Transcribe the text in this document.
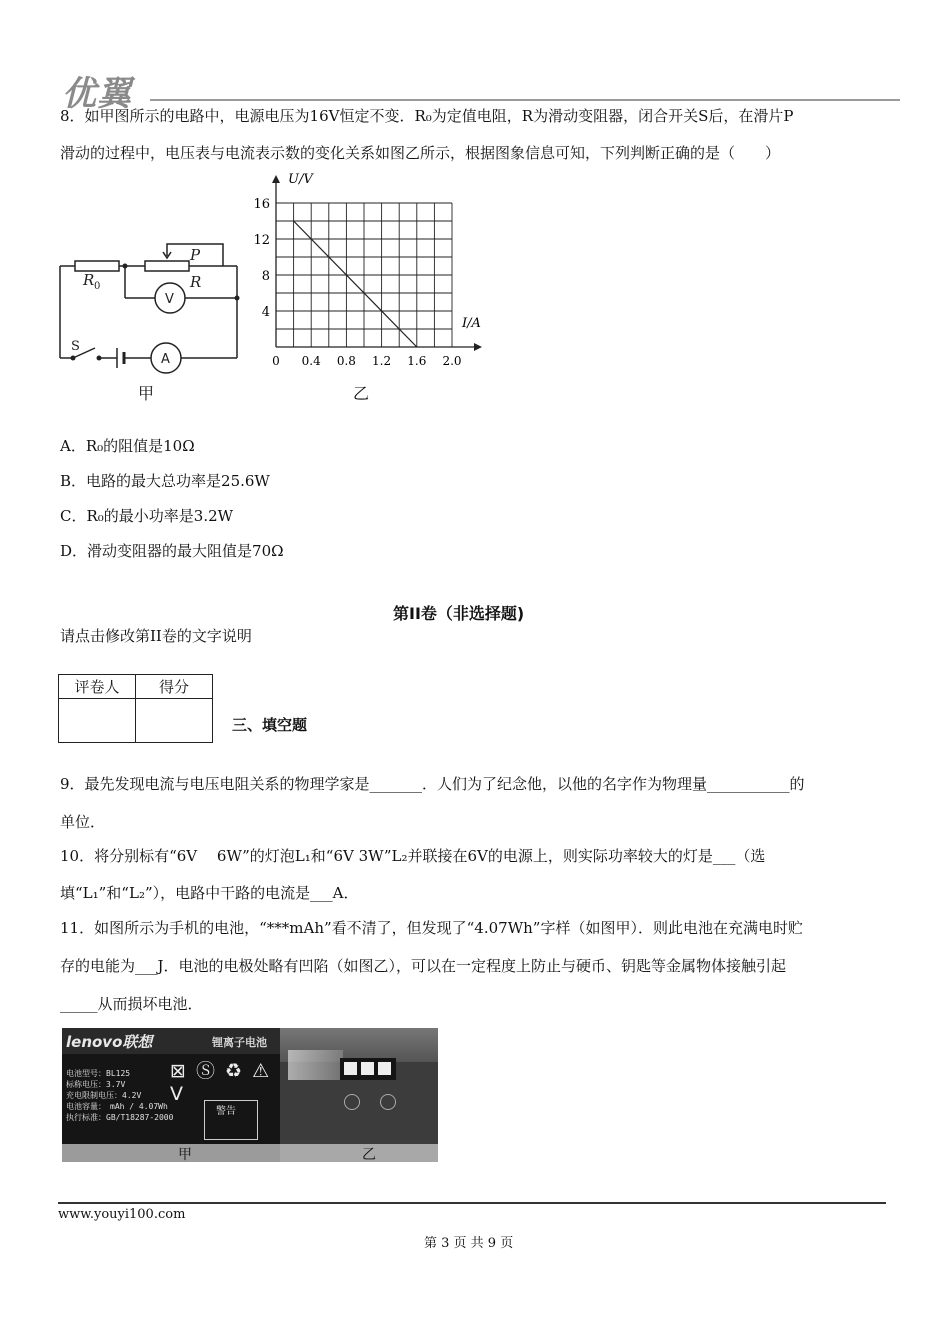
优翼
8．如甲图所示的电路中，电源电压为16V恒定不变．R₀为定值电阻，R为滑动变阻器，闭合开关S后，在滑片P
滑动的过程中，电压表与电流表示数的变化关系如图乙所示，根据图象信息可知，下列判断正确的是（　　）
R 0
P
R
V
A
S
甲
U/V
I/A
0 0.4 0.8 1.2 1.6 2.0
16
12
8
4
乙
A．R₀的阻值是10Ω
B．电路的最大总功率是25.6W
C．R₀的最小功率是3.2W
D．滑动变阻器的最大阻值是70Ω
第II卷（非选择题)
请点击修改第II卷的文字说明
评卷人	得分

三、填空题
9．最先发现电流与电压电阻关系的物理学家是_______．人们为了纪念他，以他的名字作为物理量___________的
单位．
10．将分别标有“6V　 6W”的灯泡L₁和“6V 3W”L₂并联接在6V的电源上，则实际功率较大的灯是___（选
填“L₁”和“L₂”），电路中干路的电流是___A．
11．如图所示为手机的电池，“***mAh”看不清了，但发现了“4.07Wh”字样（如图甲）．则此电池在充满电时贮
存的电能为___J．电池的电极处略有凹陷（如图乙），可以在一定程度上防止与硬币、钥匙等金属物体接触引起
_____从而损坏电池．
lenovo联想	锂离子电池
电池型号：BL125
标称电压：3.7V
充电限制电压：4.2V
电池容量：　mAh / 4.07Wh
执行标准：GB/T18287-2000
⊠ Ⓢ ♻ ⚠ V
警告
甲	乙
www.youyi100.com
第 3 页 共 9 页
